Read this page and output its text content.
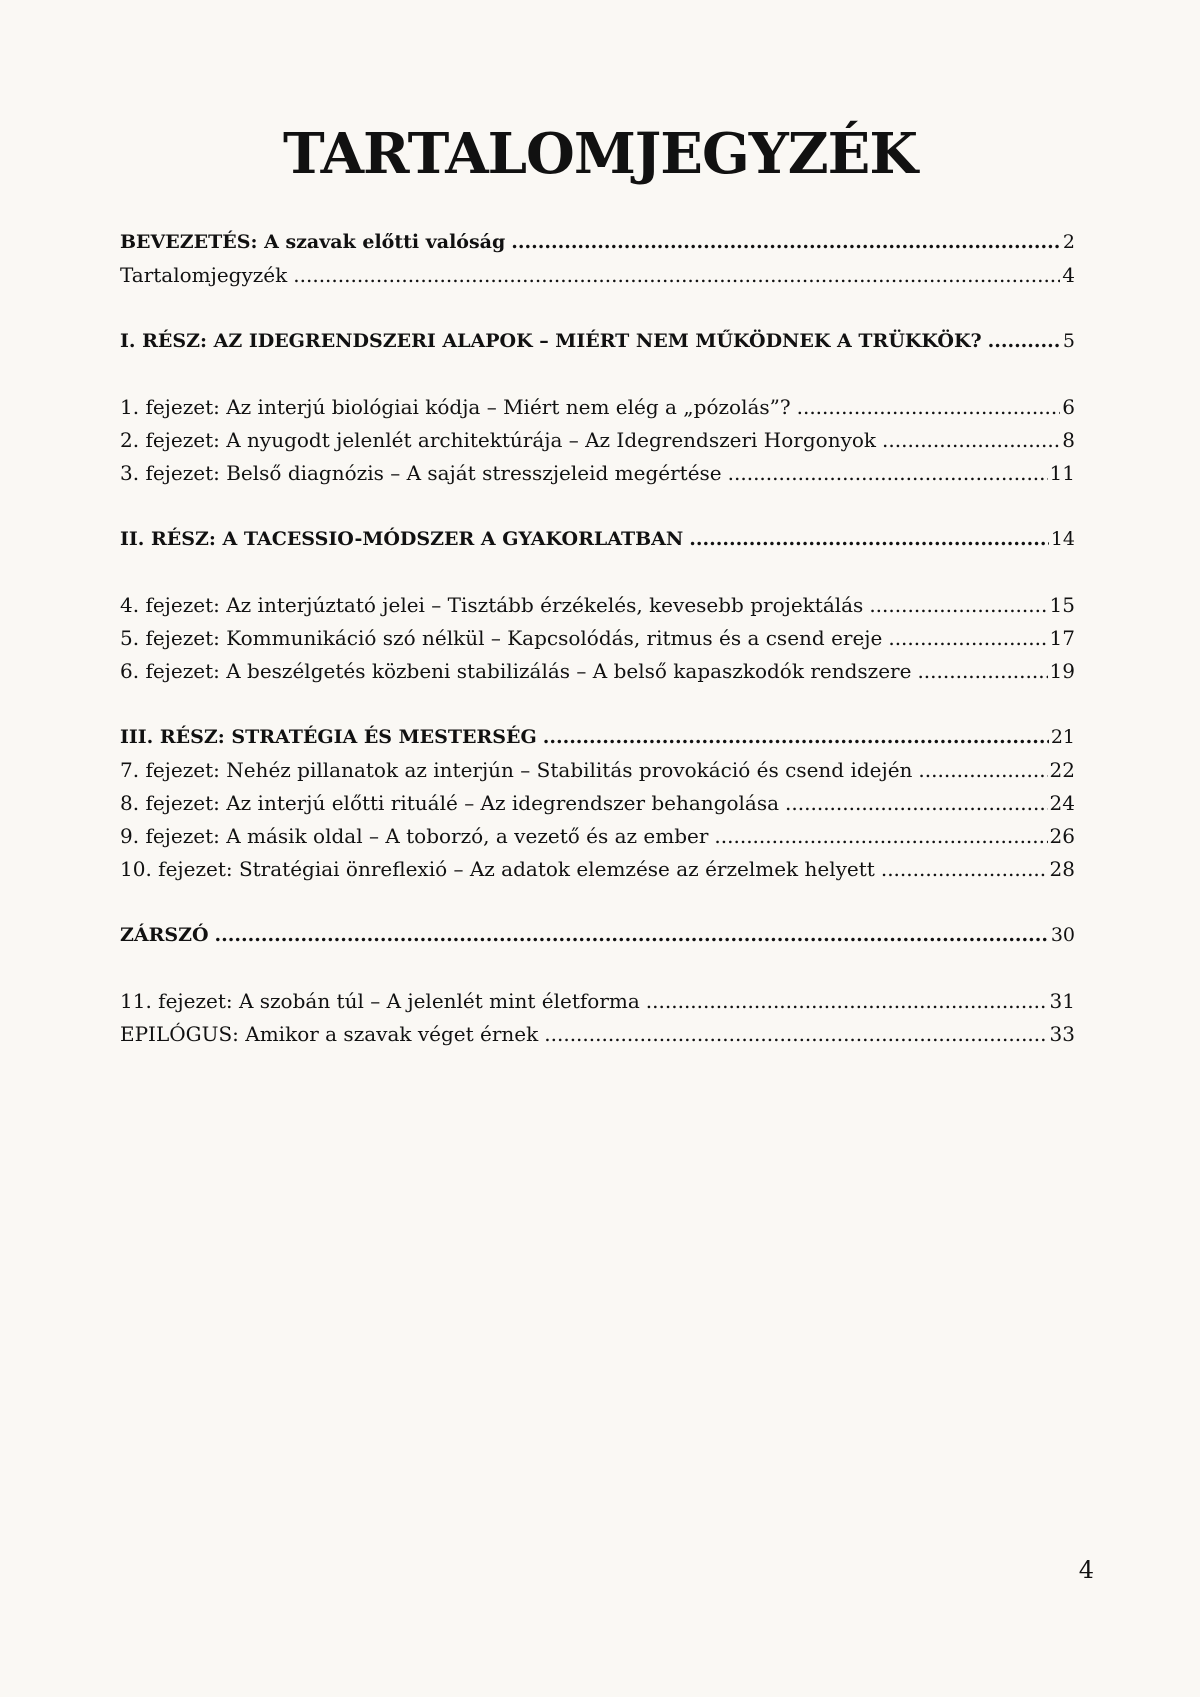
TARTALOMJEGYZÉK
BEVEZETÉS: A szavak előtti valóság .....	2
Tartalomjegyzék .....	4
I. RÉSZ: AZ IDEGRENDSZERI ALAPOK – MIÉRT NEM MŰKÖDNEK A TRÜKKÖK? .....	5
1. fejezet: Az interjú biológiai kódja – Miért nem elég a „pózolás”? .....	6
2. fejezet: A nyugodt jelenlét architektúrája – Az Idegrendszeri Horgonyok .....	8
3. fejezet: Belső diagnózis – A saját stresszjeleid megértése .....	11
II. RÉSZ: A TACESSIO-MÓDSZER A GYAKORLATBAN .....	14
4. fejezet: Az interjúztató jelei – Tisztább érzékelés, kevesebb projektálás .....	15
5. fejezet: Kommunikáció szó nélkül – Kapcsolódás, ritmus és a csend ereje .....	17
6. fejezet: A beszélgetés közbeni stabilizálás – A belső kapaszkodók rendszere .....	19
III. RÉSZ: STRATÉGIA ÉS MESTERSÉG .....	21
7. fejezet: Nehéz pillanatok az interjún – Stabilitás provokáció és csend idején .....	22
8. fejezet: Az interjú előtti rituálé – Az idegrendszer behangolása .....	24
9. fejezet: A másik oldal – A toborzó, a vezető és az ember .....	26
10. fejezet: Stratégiai önreflexió – Az adatok elemzése az érzelmek helyett .....	28
ZÁRSZÓ .....	30
11. fejezet: A szobán túl – A jelenlét mint életforma .....	31
EPILÓGUS: Amikor a szavak véget érnek .....	33
4
